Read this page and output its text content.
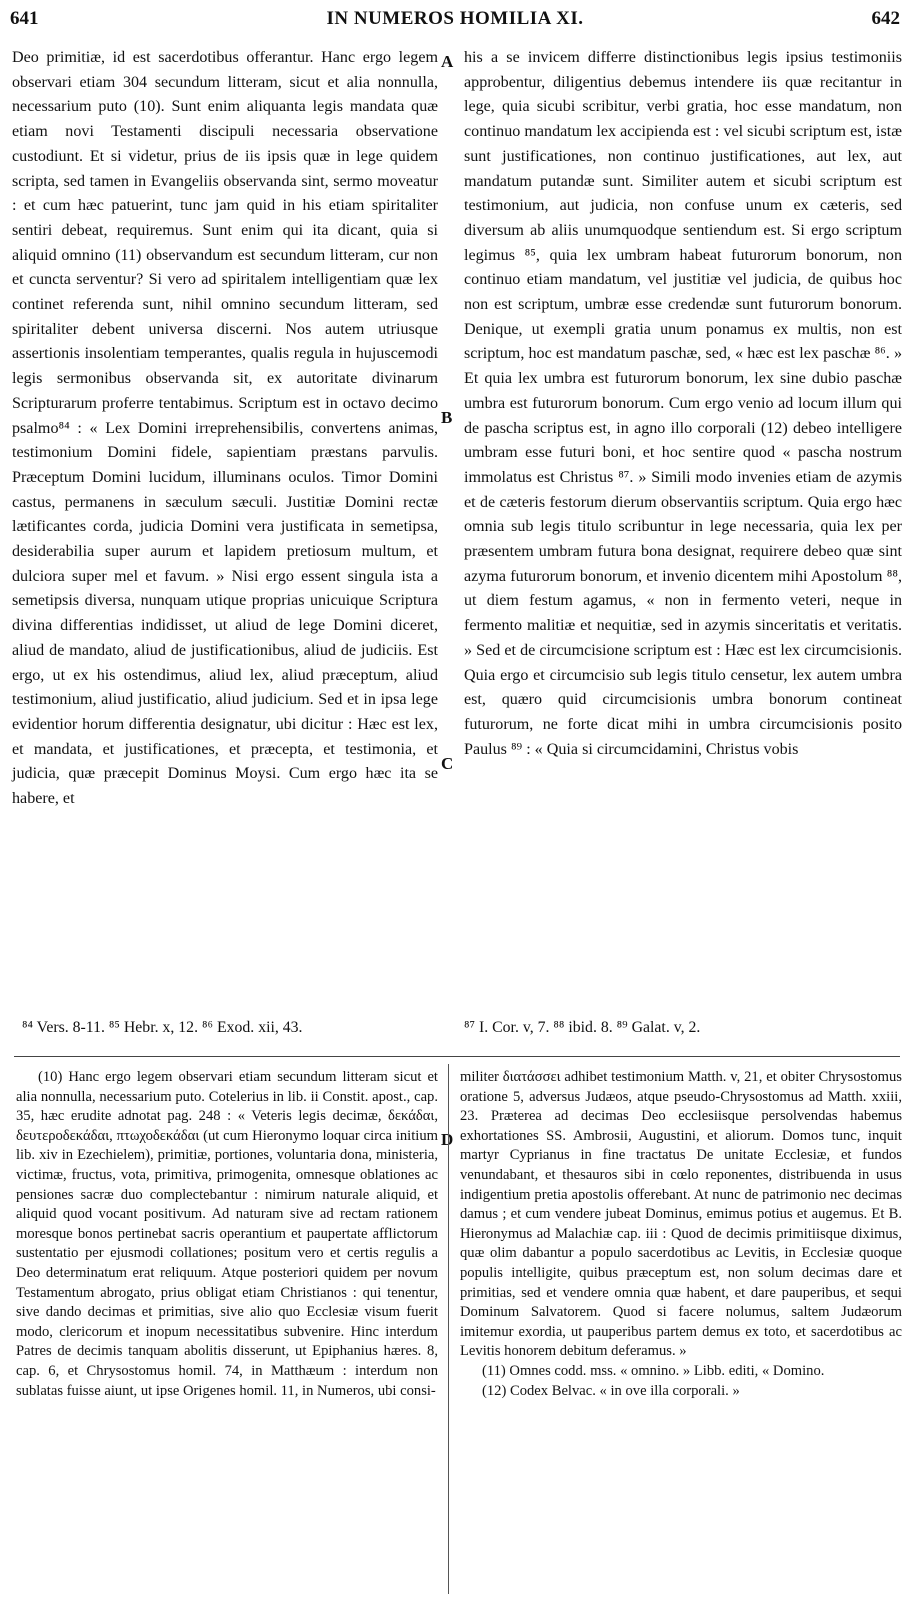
641	IN NUMEROS HOMILIA XI.	642

Deo primitiæ, id est sacerdotibus offerantur. Hanc ergo legem observari etiam 304 secundum litteram, sicut et alia nonnulla, necessarium puto (10). Sunt enim aliquanta legis mandata quæ etiam novi Testamenti discipuli necessaria observatione custodiunt. Et si videtur, prius de iis ipsis quæ in lege quidem scripta, sed tamen in Evangeliis observanda sint, sermo moveatur : et cum hæc patuerint, tunc jam quid in his etiam spiritaliter sentiri debeat, requiremus. Sunt enim qui ita dicant, quia si aliquid omnino (11) observandum est secundum litteram, cur non et cuncta serventur? Si vero ad spiritalem intelligentiam quæ lex continet referenda sunt, nihil omnino secundum litteram, sed spiritaliter debent universa discerni. Nos autem utriusque assertionis insolentiam temperantes, qualis regula in hujuscemodi legis sermonibus observanda sit, ex autoritate divinarum Scripturarum proferre tentabimus. Scriptum est in octavo decimo psalmo⁸⁴ : « Lex Domini irreprehensibilis, convertens animas, testimonium Domini fidele, sapientiam præstans parvulis. Præceptum Domini lucidum, illuminans oculos. Timor Domini castus, permanens in sæculum sæculi. Justitiæ Domini rectæ lætificantes corda, judicia Domini vera justificata in semetipsa, desiderabilia super aurum et lapidem pretiosum multum, et dulciora super mel et favum. » Nisi ergo essent singula ista a semetipsis diversa, nunquam utique proprias unicuique Scriptura divina differentias indidisset, ut aliud de lege Domini diceret, aliud de mandato, aliud de justificationibus, aliud de judiciis. Est ergo, ut ex his ostendimus, aliud lex, aliud præceptum, aliud testimonium, aliud justificatio, aliud judicium. Sed et in ipsa lege evidentior horum differentia designatur, ubi dicitur : Hæc est lex, et mandata, et justificationes, et præcepta, et testimonia, et judicia, quæ præcepit Dominus Moysi. Cum ergo hæc ita se habere, et

his a se invicem differre distinctionibus legis ipsius testimoniis approbentur, diligentius debemus intendere iis quæ recitantur in lege, quia sicubi scribitur, verbi gratia, hoc esse mandatum, non continuo mandatum lex accipienda est : vel sicubi scriptum est, istæ sunt justificationes, non continuo justificationes, aut lex, aut mandatum putandæ sunt. Similiter autem et sicubi scriptum est testimonium, aut judicia, non confuse unum ex cæteris, sed diversum ab aliis unumquodque sentiendum est. Si ergo scriptum legimus ⁸⁵, quia lex umbram habeat futurorum bonorum, non continuo etiam mandatum, vel justitiæ vel judicia, de quibus hoc non est scriptum, umbræ esse credendæ sunt futurorum bonorum. Denique, ut exempli gratia unum ponamus ex multis, non est scriptum, hoc est mandatum paschæ, sed, « hæc est lex paschæ ⁸⁶. » Et quia lex umbra est futurorum bonorum, lex sine dubio paschæ umbra est futurorum bonorum. Cum ergo venio ad locum illum qui de pascha scriptus est, in agno illo corporali (12) debeo intelligere umbram esse futuri boni, et hoc sentire quod « pascha nostrum immolatus est Christus ⁸⁷. » Simili modo invenies etiam de azymis et de cæteris festorum dierum observantiis scriptum. Quia ergo hæc omnia sub legis titulo scribuntur in lege necessaria, quia lex per præsentem umbram futura bona designat, requirere debeo quæ sint azyma futurorum bonorum, et invenio dicentem mihi Apostolum ⁸⁸, ut diem festum agamus, « non in fermento veteri, neque in fermento malitiæ et nequitiæ, sed in azymis sinceritatis et veritatis. » Sed et de circumcisione scriptum est : Hæc est lex circumcisionis. Quia ergo et circumcisio sub legis titulo censetur, lex autem umbra est, quæro quid circumcisionis umbra bonorum contineat futurorum, ne forte dicat mihi in umbra circumcisionis posito Paulus ⁸⁹ : « Quia si circumcidamini, Christus vobis

A
B
C
D
⁸⁴ Vers. 8-11. ⁸⁵ Hebr. x, 12. ⁸⁶ Exod. xii, 43.	⁸⁷ I. Cor. v, 7. ⁸⁸ ibid. 8. ⁸⁹ Galat. v, 2.

(10) Hanc ergo legem observari etiam secundum litteram sicut et alia nonnulla, necessarium puto. Cotelerius in lib. ii Constit. apost., cap. 35, hæc erudite adnotat pag. 248 : « Veteris legis decimæ, δεκάδαι, δευτεροδεκάδαι, πτωχοδεκάδαι (ut cum Hieronymo loquar circa initium lib. xiv in Ezechielem), primitiæ, portiones, voluntaria dona, ministeria, victimæ, fructus, vota, primitiva, primogenita, omnesque oblationes ac pensiones sacræ duo complectebantur : nimirum naturale aliquid, et aliquid quod vocant positivum. Ad naturam sive ad rectam rationem moresque bonos pertinebat sacris operantium et paupertate afflictorum sustentatio per ejusmodi collationes; positum vero et certis regulis a Deo determinatum erat reliquum. Atque posteriori quidem per novum Testamentum abrogato, prius obligat etiam Christianos : qui tenentur, sive dando decimas et primitias, sive alio quo Ecclesiæ visum fuerit modo, clericorum et inopum necessitatibus subvenire. Hinc interdum Patres de decimis tanquam abolitis disserunt, ut Epiphanius hæres. 8, cap. 6, et Chrysostomus homil. 74, in Matthæum : interdum non sublatas fuisse aiunt, ut ipse Origenes homil. 11, in Numeros, ubi consi-

militer διατάσσει adhibet testimonium Matth. v, 21, et obiter Chrysostomus oratione 5, adversus Judæos, atque pseudo-Chrysostomus ad Matth. xxiii, 23. Præterea ad decimas Deo ecclesiisque persolvendas habemus exhortationes SS. Ambrosii, Augustini, et aliorum. Domos tunc, inquit martyr Cyprianus in fine tractatus De unitate Ecclesiæ, et fundos venundabant, et thesauros sibi in cœlo reponentes, distribuenda in usus indigentium pretia apostolis offerebant. At nunc de patrimonio nec decimas damus ; et cum vendere jubeat Dominus, emimus potius et augemus. Et B. Hieronymus ad Malachiæ cap. iii : Quod de decimis primitiisque diximus, quæ olim dabantur a populo sacerdotibus ac Levitis, in Ecclesiæ quoque populis intelligite, quibus præceptum est, non solum decimas dare et primitias, sed et vendere omnia quæ habent, et dare pauperibus, et sequi Dominum Salvatorem. Quod si facere nolumus, saltem Judæorum imitemur exordia, ut pauperibus partem demus ex toto, et sacerdotibus ac Levitis honorem debitum deferamus. »

(11) Omnes codd. mss. « omnino. » Libb. editi, « Domino.

(12) Codex Belvac. « in ove illa corporali. »
